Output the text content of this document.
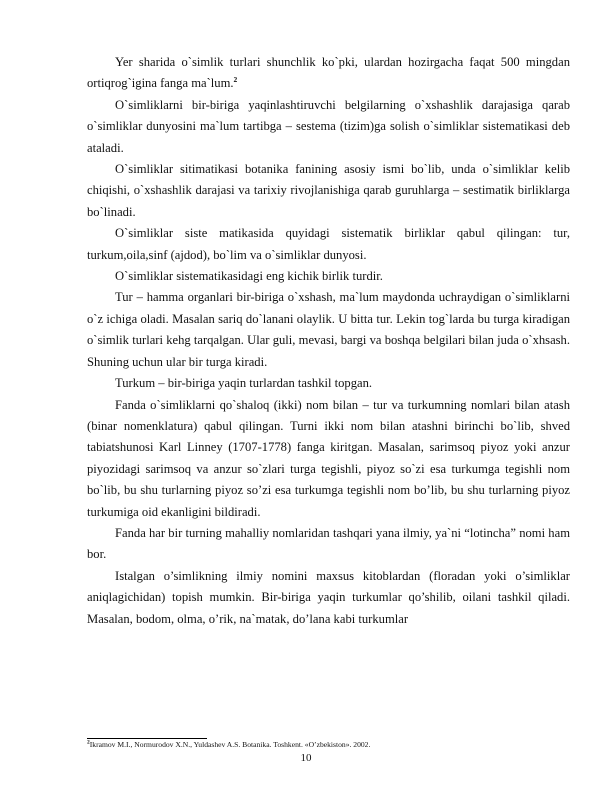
Yer sharida o`simlik turlari shunchlik ko`pki, ulardan hozirgacha faqat 500 mingdan ortiqrog`igina fanga ma`lum.$^2$

O`simliklarni bir-biriga yaqinlashtiruvchi belgilarning o`xshashlik darajasiga qarab o`simliklar dunyosini ma`lum tartibga – sestema (tizim)ga solish o`simliklar sistematikasi deb ataladi.

O`simliklar sitimatikasi botanika fanining asosiy ismi bo`lib, unda o`simliklar kelib chiqishi, o`xshashlik darajasi va tarixiy rivojlanishiga qarab guruhlarga – sestimatik birliklarga bo`linadi.

O`simliklar siste matikasida quyidagi sistematik birliklar qabul qilingan: tur, turkum,oila,sinf (ajdod), bo`lim va o`simliklar dunyosi.

O`simliklar sistematikasidagi eng kichik birlik turdir.

Tur – hamma organlari bir-biriga o`xshash, ma`lum maydonda uchraydigan o`simliklarni o`z ichiga oladi. Masalan sariq do`lanani olaylik. U bitta tur. Lekin tog`larda bu turga kiradigan o`simlik turlari kehg tarqalgan. Ular guli, mevasi, bargi va boshqa belgilari bilan juda o`xhsash. Shuning uchun ular bir turga kiradi.

Turkum – bir-biriga yaqin turlardan tashkil topgan.

Fanda o`simliklarni qo`shaloq (ikki) nom bilan – tur va turkumning nomlari bilan atash (binar nomenklatura) qabul qilingan. Turni ikki nom bilan atashni birinchi bo`lib, shved tabiatshunosi Karl Linney (1707-1778) fanga kiritgan. Masalan, sarimsoq piyoz yoki anzur piyozidagi sarimsoq va anzur so`zlari turga tegishli, piyoz so`zi esa turkumga tegishli nom bo`lib, bu shu turlarning piyoz so’zi esa turkumga tegishli nom bo’lib, bu shu turlarning piyoz turkumiga oid ekanligini bildiradi.

Fanda har bir turning mahalliy nomlaridan tashqari yana ilmiy, ya`ni “lotincha” nomi ham bor.

Istalgan o’simlikning ilmiy nomini maxsus kitoblardan (floradan yoki o’simliklar aniqlagichidan) topish mumkin. Bir-biriga yaqin turkumlar qo’shilib, oilani tashkil qiladi. Masalan, bodom, olma, o’rik, na`matak, do’lana kabi turkumlar

$^2$Ikramov M.I., Normurodov X.N., Yuldashev A.S. Botanika. Toshkent. «O’zbekiston». 2002.
10
